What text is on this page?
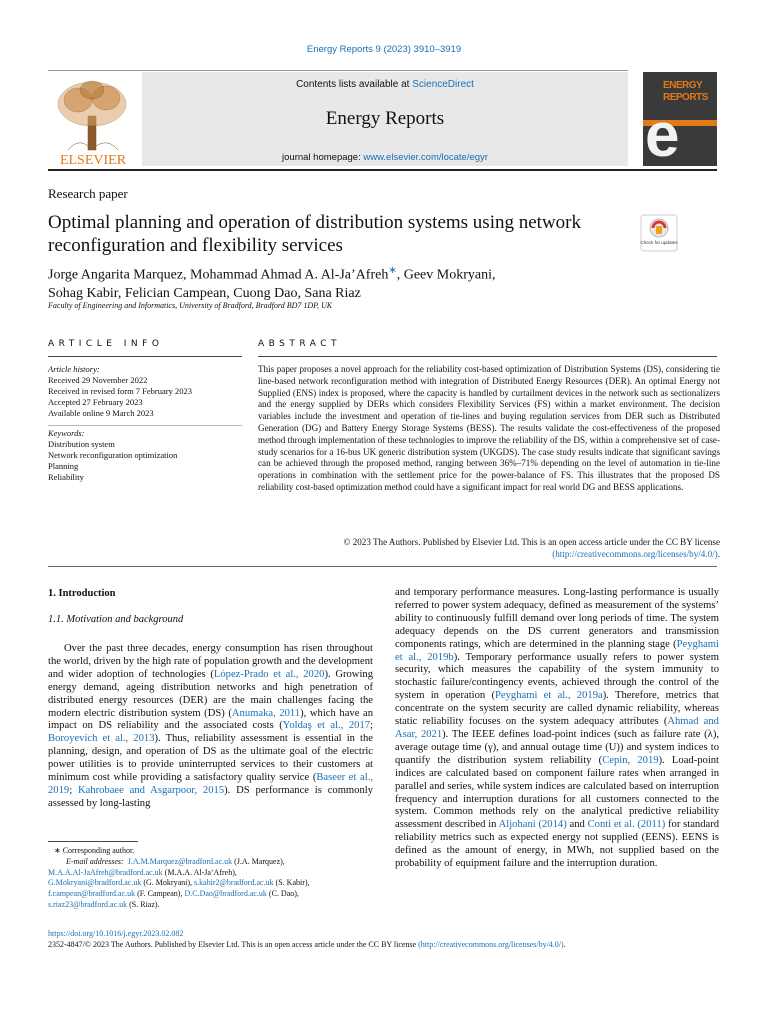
Energy Reports 9 (2023) 3910–3919
ELSEVIER
Contents lists available at ScienceDirect
Energy Reports
journal homepage: www.elsevier.com/locate/egyr
ENERGY
REPORTS
e
Research paper
Optimal planning and operation of distribution systems using network reconfiguration and flexibility services	Check for updates
Jorge Angarita Marquez, Mohammad Ahmad A. Al-Ja’Afreh∗, Geev Mokryani,
Sohag Kabir, Felician Campean, Cuong Dao, Sana Riaz
Faculty of Engineering and Informatics, University of Bradford, Bradford BD7 1DP, UK
ARTICLE INFO
Article history:
Received 29 November 2022
Received in revised form 7 February 2023
Accepted 27 February 2023
Available online 9 March 2023
Keywords:
Distribution system
Network reconfiguration optimization
Planning
Reliability
ABSTRACT
This paper proposes a novel approach for the reliability cost-based optimization of Distribution Systems (DS), considering tie line-based network reconfiguration method with integration of Distributed Energy Resources (DER). An optimal Energy not Supplied (ENS) index is proposed, where the capacity is handled by curtailment devices in the network such as sectionalizers and the energy supplied by DERs which considers Flexibility Services (FS) within a market environment. The decision variables include the investment and operation of tie-lines and buying regulation services from DER such as Distributed Generation (DG) and Battery Energy Storage Systems (BESS). The results validate the cost-effectiveness of the proposed method through implementation of these technologies to improve the reliability of the DS, within a comprehensive set of case-study scenarios for a 16-bus UK generic distribution system (UKGDS). The case study results indicate that significant savings can be achieved through the proposed method, ranging between 36%–71% depending on the level of automation in tie-line operations in combination with the settlement price for the power-balance of FS. This illustrates that the proposed DS reliability cost-based optimization method could have a significant impact for real world DG and BESS applications.
© 2023 The Authors. Published by Elsevier Ltd. This is an open access article under the CC BY license
(http://creativecommons.org/licenses/by/4.0/).
1. Introduction
1.1. Motivation and background
Over the past three decades, energy consumption has risen throughout the world, driven by the high rate of population growth and the development and wider adoption of technologies (López-Prado et al., 2020). Growing energy demand, ageing distribution networks and high penetration of distributed energy resources (DER) are the main challenges facing the modern electric distribution system (DS) (Anumaka, 2011), which have an impact on DS reliability and the associated costs (Yoldaş et al., 2017; Boroyevich et al., 2013). Thus, reliability assessment is essential in the planning, design, and operation of DS as the ultimate goal of the electric power utilities is to provide uninterrupted services to their customers at minimum cost while providing a satisfactory quality service (Baseer et al., 2019; Kahrobaee and Asgarpoor, 2015). DS performance is commonly assessed by long-lasting
and temporary performance measures. Long-lasting performance is usually referred to power system adequacy, defined as measurement of the systems’ ability to continuously fulfill demand over long periods of time. The system adequacy depends on the DS current generators and transmission components ratings, which are determined in the planning stage (Peyghami et al., 2019b). Temporary performance usually refers to power system security, which measures the capability of the system immunity to stochastic failure/contingency events, achieved through the control of the system in operation (Peyghami et al., 2019a). Therefore, metrics that concentrate on the system security are called dynamic reliability, whereas static reliability focuses on the system adequacy attributes (Ahmad and Asar, 2021). The IEEE defines load-point indices (such as failure rate (λ), average outage time (γ), and annual outage time (U)) and system indices to quantify the distribution system reliability (Cepin, 2019). Load-point indices are calculated based on component failure rates when arranged in parallel and series, while system indices are calculated based on interruption frequency and interruption durations for all customers connected to the system. Common methods rely on the analytical predictive reliability assessment described in Aljohani (2014) and Conti et al. (2011) for standard reliability metrics such as expected energy not supplied (EENS). EENS is defined as the amount of energy, in MWh, not supplied based on the probability of equipment failure and the interruption duration.
∗ Corresponding author.
E-mail addresses: J.A.M.Marquez@bradford.ac.uk (J.A. Marquez),
M.A.A.Al-JaAfreh@bradford.ac.uk (M.A.A. Al-Ja’Afreh),
G.Mokryani@bradford.ac.uk (G. Mokryani), s.kabir2@bradford.ac.uk (S. Kabir),
f.campean@bradford.ac.uk (F. Campean), D.C.Dao@bradford.ac.uk (C. Dao),
s.riaz23@bradford.ac.uk (S. Riaz).
https://doi.org/10.1016/j.egyr.2023.02.082
2352-4847/© 2023 The Authors. Published by Elsevier Ltd. This is an open access article under the CC BY license (http://creativecommons.org/licenses/by/4.0/).
